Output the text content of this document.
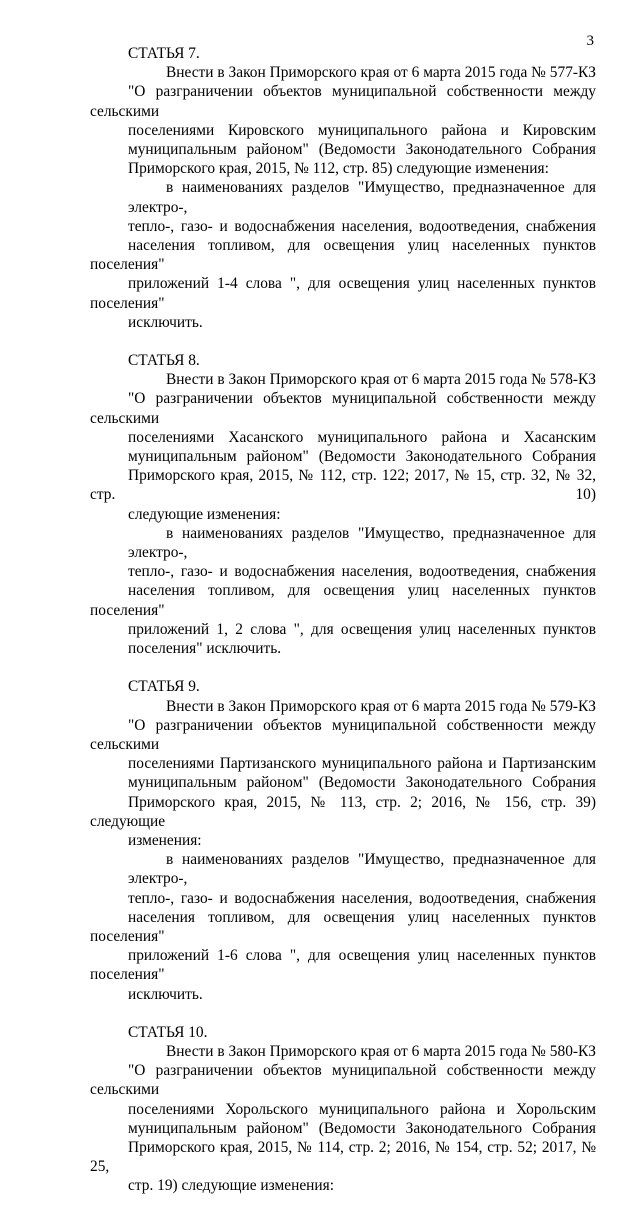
3
СТАТЬЯ 7.
Внести в Закон Приморского края от 6 марта 2015 года № 577-КЗ
"О разграничении объектов муниципальной собственности между сельскими
поселениями Кировского муниципального района и Кировским
муниципальным районом" (Ведомости Законодательного Собрания
Приморского края, 2015, № 112, стр. 85) следующие изменения:
в наименованиях разделов "Имущество, предназначенное для электро-,
тепло-, газо- и водоснабжения населения, водоотведения, снабжения
населения топливом, для освещения улиц населенных пунктов поселения"
приложений 1-4 слова ", для освещения улиц населенных пунктов поселения"
исключить.
СТАТЬЯ 8.
Внести в Закон Приморского края от 6 марта 2015 года № 578-КЗ
"О разграничении объектов муниципальной собственности между сельскими
поселениями Хасанского муниципального района и Хасанским
муниципальным районом" (Ведомости Законодательного Собрания
Приморского края, 2015, № 112, стр. 122; 2017, № 15, стр. 32, № 32, стр. 10)
следующие изменения:
в наименованиях разделов "Имущество, предназначенное для электро-,
тепло-, газо- и водоснабжения населения, водоотведения, снабжения
населения топливом, для освещения улиц населенных пунктов поселения"
приложений 1, 2 слова ", для освещения улиц населенных пунктов
поселения" исключить.
СТАТЬЯ 9.
Внести в Закон Приморского края от 6 марта 2015 года № 579-КЗ
"О разграничении объектов муниципальной собственности между сельскими
поселениями Партизанского муниципального района и Партизанским
муниципальным районом" (Ведомости Законодательного Собрания
Приморского края, 2015, № 113, стр. 2; 2016, № 156, стр. 39) следующие
изменения:
в наименованиях разделов "Имущество, предназначенное для электро-,
тепло-, газо- и водоснабжения населения, водоотведения, снабжения
населения топливом, для освещения улиц населенных пунктов поселения"
приложений 1-6 слова ", для освещения улиц населенных пунктов поселения"
исключить.
СТАТЬЯ 10.
Внести в Закон Приморского края от 6 марта 2015 года № 580-КЗ
"О разграничении объектов муниципальной собственности между сельскими
поселениями Хорольского муниципального района и Хорольским
муниципальным районом" (Ведомости Законодательного Собрания
Приморского края, 2015, № 114, стр. 2; 2016, № 154, стр. 52; 2017, № 25,
стр. 19) следующие изменения:
